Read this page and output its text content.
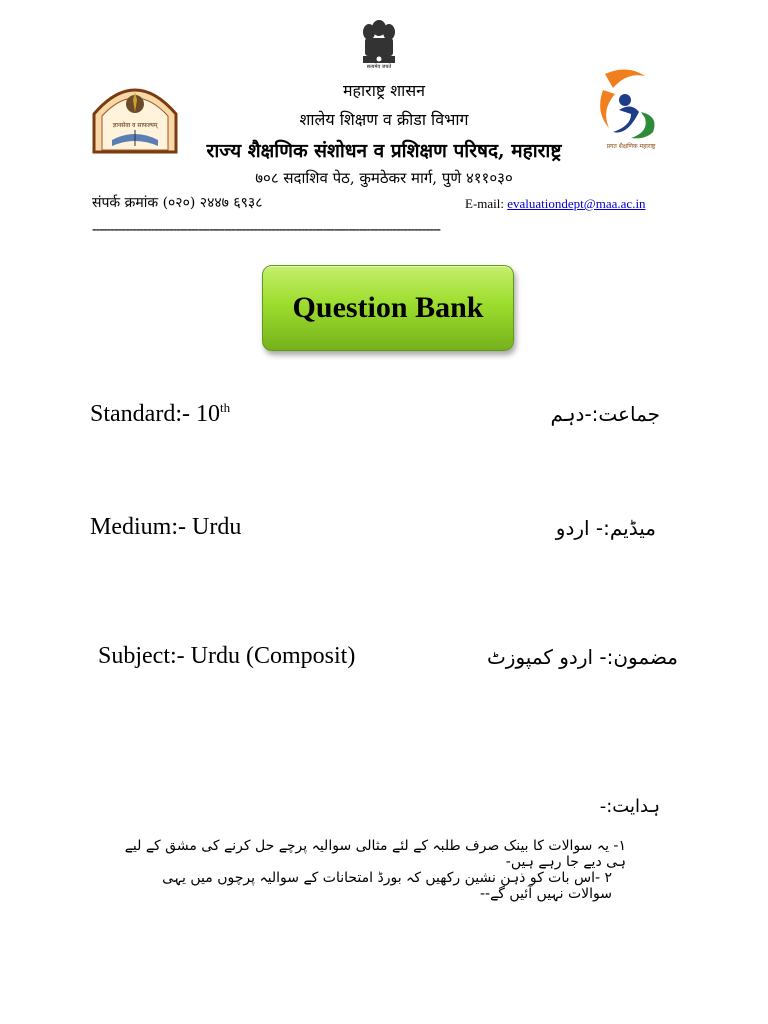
सत्यमेव जयते
ज्ञानसेवा व साफल्यम्
प्रगत शैक्षणिक महाराष्ट्र
महाराष्ट्र शासन
शालेय शिक्षण व क्रीडा विभाग
राज्य शैक्षणिक संशोधन व प्रशिक्षण परिषद, महाराष्ट्र
७०८ सदाशिव पेठ, कुमठेकर मार्ग, पुणे ४११०३०
संपर्क क्रमांक (०२०) २४४७ ६९३८	E-mail: evaluationdept@maa.ac.in
-----------------------------------------------------------------------------------------------
Question Bank
Standard:- 10th	جماعت:-دہم
Medium:- Urdu	میڈیم:- اردو
Subject:- Urdu (Composit)	مضمون:- اردو کمپوزٹ
ہدایت:-
۱- یہ سوالات کا بینک صرف طلبہ کے لئے مثالی سوالیہ پرچے حل کرنے کی مشق کے لیے ہی دیے جا رہے ہیں-
۲ -اس بات کو ذہن نشین رکھیں کہ بورڈ امتحانات کے سوالیہ پرچوں میں یہی سوالات نہیں آئیں گے--
